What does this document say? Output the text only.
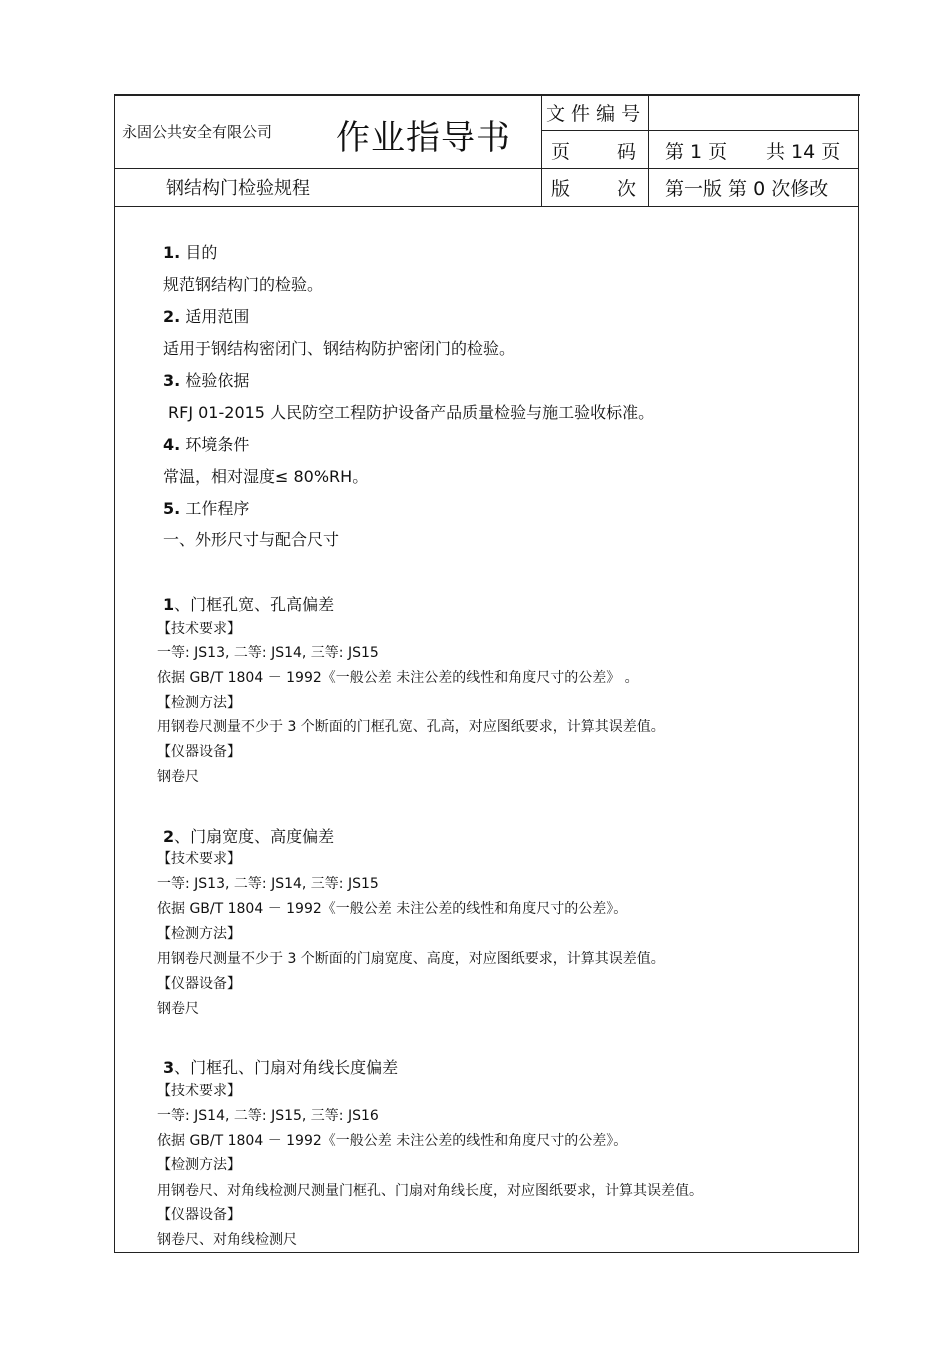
永固公共安全有限公司 作业指导书
钢结构门检验规程
文 件 编 号
页 码 第 1 页 共 14 页
版 次 第一版 第 0 次修改
1. 目的
规范钢结构门的检验。
2. 适用范围
适用于钢结构密闭门、钢结构防护密闭门的检验。
3. 检验依据
RFJ 01-2015 人民防空工程防护设备产品质量检验与施工验收标准。
4. 环境条件
常温，相对湿度≤ 80%RH。
5. 工作程序
一、外形尺寸与配合尺寸
1、门框孔宽、孔高偏差
【技术要求】
一等: JS13, 二等: JS14, 三等: JS15
依据 GB/T 1804 － 1992《一般公差 未注公差的线性和角度尺寸的公差》 。
【检测方法】
用钢卷尺测量不少于 3 个断面的门框孔宽、孔高，对应图纸要求，计算其误差值。
【仪器设备】
钢卷尺
2、门扇宽度、高度偏差
【技术要求】
一等: JS13, 二等: JS14, 三等: JS15
依据 GB/T 1804 － 1992《一般公差 未注公差的线性和角度尺寸的公差》。
【检测方法】
用钢卷尺测量不少于 3 个断面的门扇宽度、高度，对应图纸要求，计算其误差值。
【仪器设备】
钢卷尺
3、门框孔、门扇对角线长度偏差
【技术要求】
一等: JS14, 二等: JS15, 三等: JS16
依据 GB/T 1804 － 1992《一般公差 未注公差的线性和角度尺寸的公差》。
【检测方法】
用钢卷尺、对角线检测尺测量门框孔、门扇对角线长度，对应图纸要求，计算其误差值。
【仪器设备】
钢卷尺、对角线检测尺
